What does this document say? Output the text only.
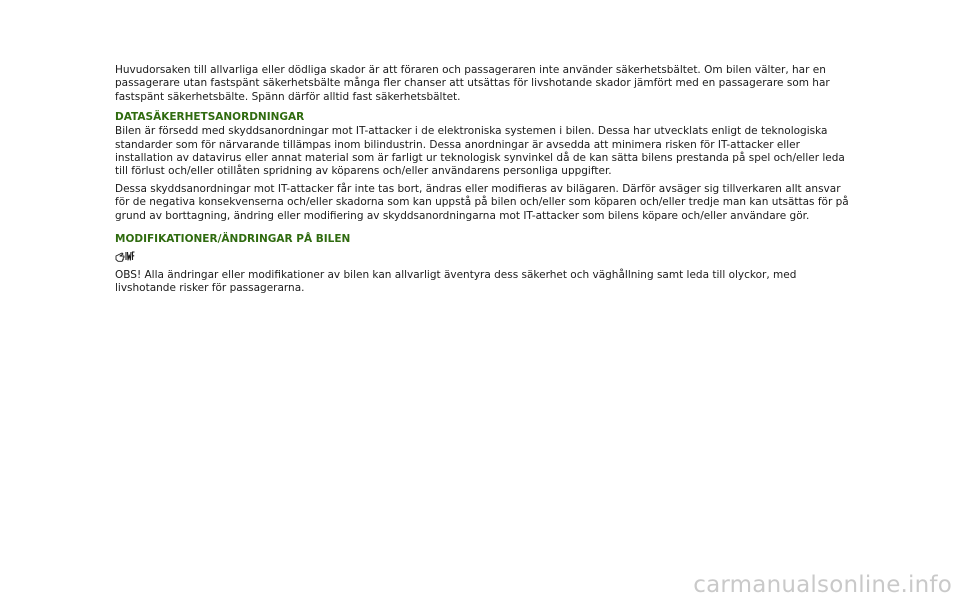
Huvudorsaken till allvarliga eller dödliga skador är att föraren och passageraren inte använder säkerhetsbältet. Om bilen välter, har en passagerare utan fastspänt säkerhetsbälte många fler chanser att utsättas för livshotande skador jämfört med en passagerare som har fastspänt säkerhetsbälte. Spänn därför alltid fast säkerhetsbältet.

DATASÄKERHETSANORDNINGAR

Bilen är försedd med skyddsanordningar mot IT-attacker i de elektroniska systemen i bilen. Dessa har utvecklats enligt de teknologiska standarder som för närvarande tillämpas inom bilindustrin. Dessa anordningar är avsedda att minimera risken för IT-attacker eller installation av datavirus eller annat material som är farligt ur teknologisk synvinkel då de kan sätta bilens prestanda på spel och/eller leda till förlust och/eller otillåten spridning av köparens och/eller användarens personliga uppgifter.

Dessa skyddsanordningar mot IT-attacker får inte tas bort, ändras eller modifieras av bilägaren. Därför avsäger sig tillverkaren allt ansvar för de negativa konsekvenserna och/eller skadorna som kan uppstå på bilen och/eller som köparen och/eller tredje man kan utsättas för på grund av borttagning, ändring eller modifiering av skyddsanordningarna mot IT-attacker som bilens köpare och/eller användare gör.

MODIFIKATIONER/ÄNDRINGAR PÅ BILEN

OBS! Alla ändringar eller modifikationer av bilen kan allvarligt äventyra dess säkerhet och väghållning samt leda till olyckor, med livshotande risker för passagerarna.

carmanualsonline.info
